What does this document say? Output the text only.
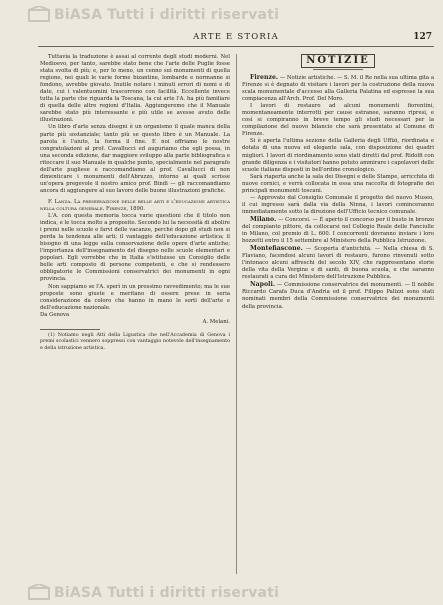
BiASA Tutti i diritti riservati
ARTE E STORIA	127

Tuttavia la traduzione è assai al corrente degli studi moderni. Nel Medioevo, per tanto, sarebbe stato bene che l'arte delle Puglie fosse stata svolta di più; e, per lo meno, un cenno sui monumenti di quella regione, nei quali le varie forme bizantine, lombarde e normanne si fondono, avrebbe giovato. Inutile notare i minuti errori di nomi e di date, cui i valentuomini trascorrono con facilità. Eccellente invece tutta la parte che riguarda la Toscana, la cui arte l'A. ha più familiare di quella delle altre regioni d'Italia. Aggiungeremo che il Manuale sarebbe stato più interessante e più utile se avesse avuto delle illustrazioni.

Un libro d'arte senza disegni è un organismo il quale manca della parte più sostanziale; tanto più se questo libro è un Manuale. La parola è l'aiuto, la forma il fine. E noi offriamo le nostre congratulazioni al prof. Cavallucci ed auguriamo che egli possa, in una seconda edizione, dar maggiore sviluppo alla parte bibliografica e ritoccare il suo Manuale in qualche punto, specialmente nel paragrafo dell'arte pugliese e raccomandiamo al prof. Cavallucci di non dimenticare i monumenti dell'Abruzzo, intorno ai quali scrisse un'opera pregevole il nostro amico prof. Bindi — gli raccomandiamo ancora di aggiungere al suo lavoro delle buone illustrazioni grafiche.

F. Lanza. La preservazione delle belle arti e l'educazione artistica nella coltura generale. Firenze, 1890.

L'A. con questa memoria tocca varie questioni che il titolo non indica, e le tocca molto a proposito. Secondo lui la necessità di abolire i premi nelle scuole e farvi delle vacanze, perché dopo gli studi non si perda la tendenza alle arti; il vantaggio dell'educazione artistica; il bisogno di una legge sulla conservazione delle opere d'arte antiche; l'importanza dell'insegnamento del disegno nelle scuole elementari e popolari. Egli vorrebbe che in Italia s'istituisse un Consiglio delle belle arti composto di persone competenti, e che si rendessero obbligatorie le Commissioni conservatrici dei monumenti in ogni provincia.

Non sappiamo se l'A. sperì in un prossimo ravvedimento; ma le sue proposte sono giuste e meritano di essere prese in seria considerazione da coloro che hanno in mano le sorti dell'arte e dell'educazione nazionale.

Da Genova
A. Melani.

(1) Notiamo negli Atti della Ligustica che nell'Accademia di Genova i premi scolastici vennero soppressi con vantaggio notevole dell'insegnamento e della istruzione artistica.

NOTIZIE

Firenze. — Notizie artistiche. — S. M. il Re nella sua ultima gita a Firenze si è degnato di visitare i lavori per la costruzione della nuova scala monumentale d'accesso alla Galleria Palatina ed espresse la sua compiacenza all'Arch. Prof. Del Moro.

I lavori di restauro ad alcuni monumenti fiorentini, momentaneamente interrotti per cause estranee, saranno ripresi, e così si compiranno in breve tempo gli studi necessari per la compilazione del nuovo bilancio che sarà presentato al Comune di Firenze.

Si è aperta l'ultima sezione della Galleria degli Uffizi, riordinata e dotata di una nuova ed elegante sala, con disposizione dei quadri migliori. I lavori di riordinamento sono stati diretti dal prof. Ridolfi con grande diligenza e i visitatori hanno potuto ammirare i capolavori delle scuole italiane disposti in bell'ordine cronologico.

Sarà riaperta anche la sala dei Disegni e delle Stampe, arricchita di nuove cornici, e verrà collocata in essa una raccolta di fotografie dei principali monumenti toscani.

— Approvato dal Consiglio Comunale il progetto del nuovo Museo, il cui ingresso sarà dalla via della Ninna, i lavori cominceranno immediatamente sotto la direzione dell'Ufficio tecnico comunale.

Milano. — Concorsi. — È aperto il concorso per il busto in bronzo del compianto pittore, da collocarsi nel Collegio Reale delle Fanciulle in Milano, col premio di L. 600. I concorrenti dovranno inviare i loro bozzetti entro il 15 settembre al Ministero della Pubblica Istruzione.

Montefiascone. — Scoperta d'antichità. — Nella chiesa di S. Flaviano, facendosi alcuni lavori di restauro, furono rinvenuti sotto l'intonaco alcuni affreschi del secolo XIV, che rappresentano storie della vita della Vergine e di santi, di buona scuola, e che saranno restaurati a cura del Ministero dell'Istruzione Pubblica.

Napoli. — Commissione conservatrice dei monumenti. — Il nobile Riccardo Carafa Duca d'Andria ed il prof. Filippo Palizzi sono stati nominati membri della Commissione conservatrice dei monumenti della provincia.

BiASA Tutti i diritti riservati
